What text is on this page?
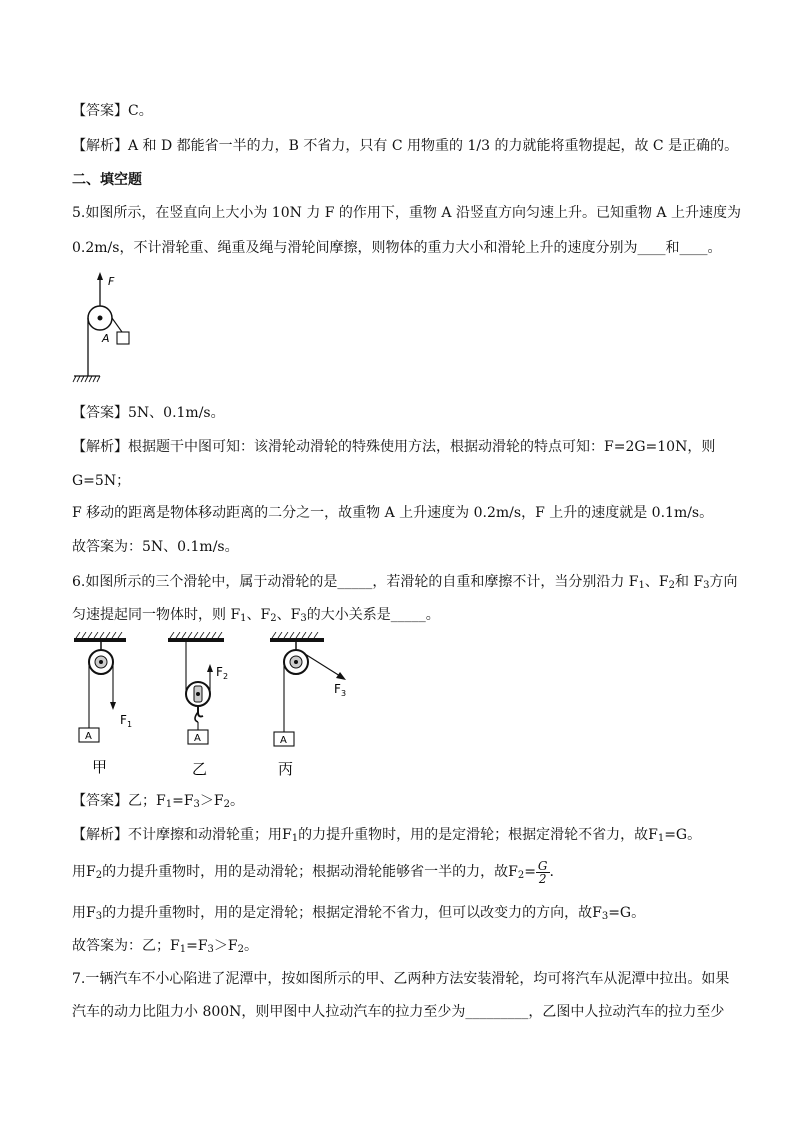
【答案】C。
【解析】A 和 D 都能省一半的力，B 不省力，只有 C 用物重的 1/3 的力就能将重物提起，故 C 是正确的。
二、填空题
5.如图所示，在竖直向上大小为 10N 力 F 的作用下，重物 A 沿竖直方向匀速上升。已知重物 A 上升速度为
0.2m/s，不计滑轮重、绳重及绳与滑轮间摩擦，则物体的重力大小和滑轮上升的速度分别为____和____。
F
A
【答案】5N、0.1m/s。
【解析】根据题干中图可知：该滑轮动滑轮的特殊使用方法，根据动滑轮的特点可知：F=2G=10N，则
G=5N；
F 移动的距离是物体移动距离的二分之一，故重物 A 上升速度为 0.2m/s，F 上升的速度就是 0.1m/s。
故答案为：5N、0.1m/s。
6.如图所示的三个滑轮中，属于动滑轮的是_____，若滑轮的自重和摩擦不计，当分别沿力 $F_1$、$F_2$和 $F_3$方向
匀速提起同一物体时，则 $F_1$、$F_2$、$F_3$的大小关系是_____。
F 1
A
甲
F 2
A
乙
F 3
A
丙
【答案】乙；$F_1=F_3>F_2$。
【解析】不计摩擦和动滑轮重；用$F_1$的力提升重物时，用的是定滑轮；根据定滑轮不省力，故$F_1=G$。
用$F_2$的力提升重物时，用的是动滑轮；根据动滑轮能够省一半的力，故$F_2= \frac{G}{2}$ .
用$F_3$的力提升重物时，用的是定滑轮；根据定滑轮不省力，但可以改变力的方向，故$F_3=G$。
故答案为：乙；$F_1=F_3>F_2$。
7.一辆汽车不小心陷进了泥潭中，按如图所示的甲、乙两种方法安装滑轮，均可将汽车从泥潭中拉出。如果
汽车的动力比阻力小 800N，则甲图中人拉动汽车的拉力至少为_________，乙图中人拉动汽车的拉力至少
